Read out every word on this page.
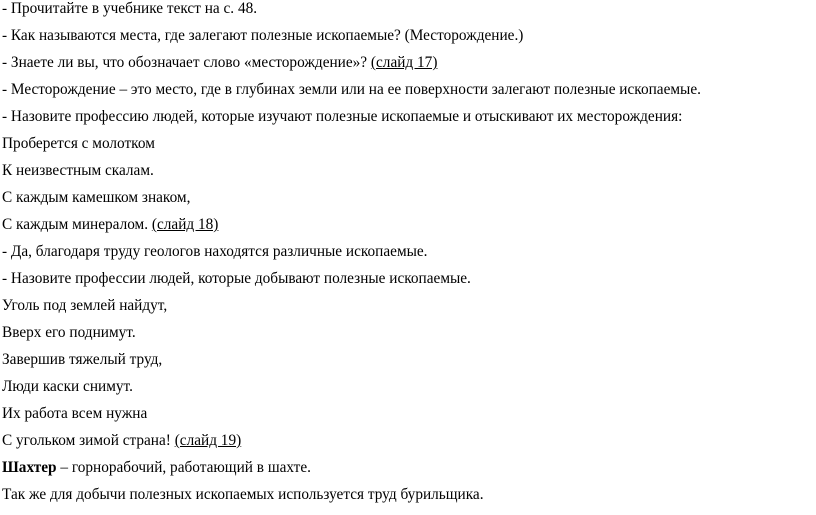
- Прочитайте в учебнике текст на с. 48.
- Как называются места, где залегают полезные ископаемые? (Месторождение.)
- Знаете ли вы, что обозначает слово «месторождение»? (слайд 17)
- Месторождение – это место, где в глубинах земли или на ее поверхности залегают полезные ископаемые.
- Назовите профессию людей, которые изучают полезные ископаемые и отыскивают их месторождения:
Проберется с молотком
К неизвестным скалам.
С каждым камешком знаком,
С каждым минералом. (слайд 18)
- Да, благодаря труду геологов находятся различные ископаемые.
- Назовите профессии людей, которые добывают полезные ископаемые.
Уголь под землей найдут,
Вверх его поднимут.
Завершив тяжелый труд,
Люди каски снимут.
Их работа всем нужна
С угольком зимой страна! (слайд 19)
Шахтер – горнорабочий, работающий в шахте.
Так же для добычи полезных ископаемых используется труд бурильщика.
